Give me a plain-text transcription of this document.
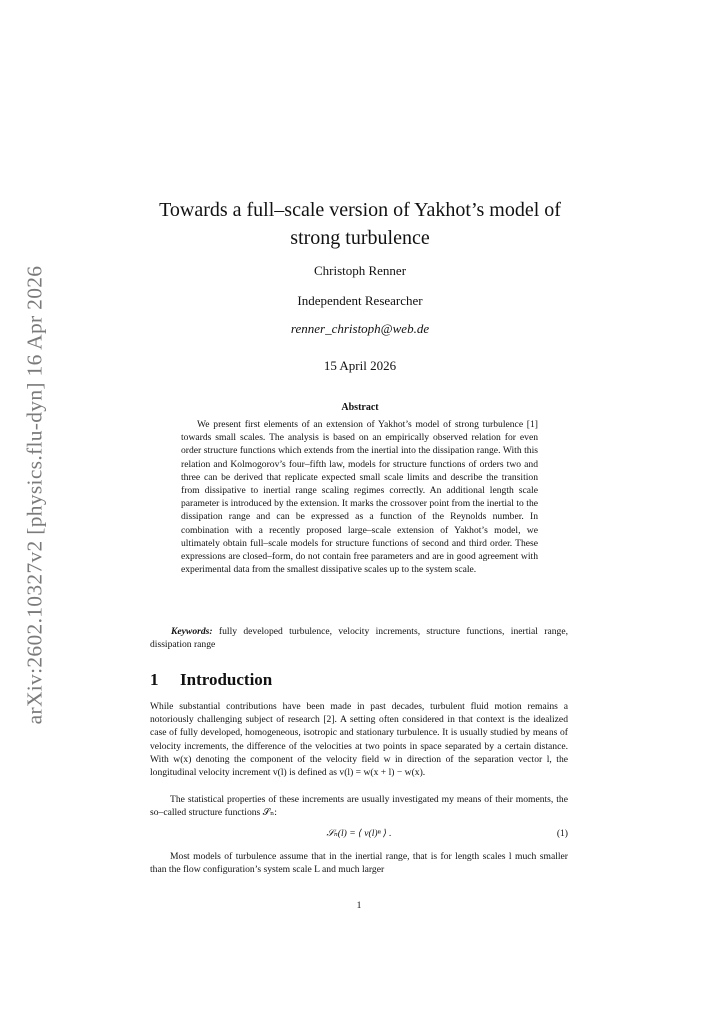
arXiv:2602.10327v2 [physics.flu-dyn] 16 Apr 2026
Towards a full–scale version of Yakhot’s model of strong turbulence
Christoph Renner
Independent Researcher
renner_christoph@web.de
15 April 2026
Abstract

We present first elements of an extension of Yakhot’s model of strong turbulence [1] towards small scales. The analysis is based on an empirically observed relation for even order structure functions which extends from the inertial into the dissipation range. With this relation and Kolmogorov’s four–fifth law, models for structure functions of orders two and three can be derived that replicate expected small scale limits and describe the transition from dissipative to inertial range scaling regimes correctly. An additional length scale parameter is introduced by the extension. It marks the crossover point from the inertial to the dissipation range and can be expressed as a function of the Reynolds number. In combination with a recently proposed large–scale extension of Yakhot’s model, we ultimately obtain full–scale models for structure functions of second and third order. These expressions are closed–form, do not contain free parameters and are in good agreement with experimental data from the smallest dissipative scales up to the system scale.

Keywords: fully developed turbulence, velocity increments, structure functions, inertial range, dissipation range

1 Introduction

While substantial contributions have been made in past decades, turbulent fluid motion remains a notoriously challenging subject of research [2]. A setting often considered in that context is the idealized case of fully developed, homogeneous, isotropic and stationary turbulence. It is usually studied by means of velocity increments, the difference of the velocities at two points in space separated by a certain distance. With w(x) denoting the component of the velocity field w in direction of the separation vector l, the longitudinal velocity increment v(l) is defined as v(l) = w(x + l) − w(x).

The statistical properties of these increments are usually investigated my means of their moments, the so–called structure functions 𝒮ₙ:

𝒮ₙ(l) = ⟨ v(l)ⁿ ⟩ .	(1)

Most models of turbulence assume that in the inertial range, that is for length scales l much smaller than the flow configuration’s system scale L and much larger

1
